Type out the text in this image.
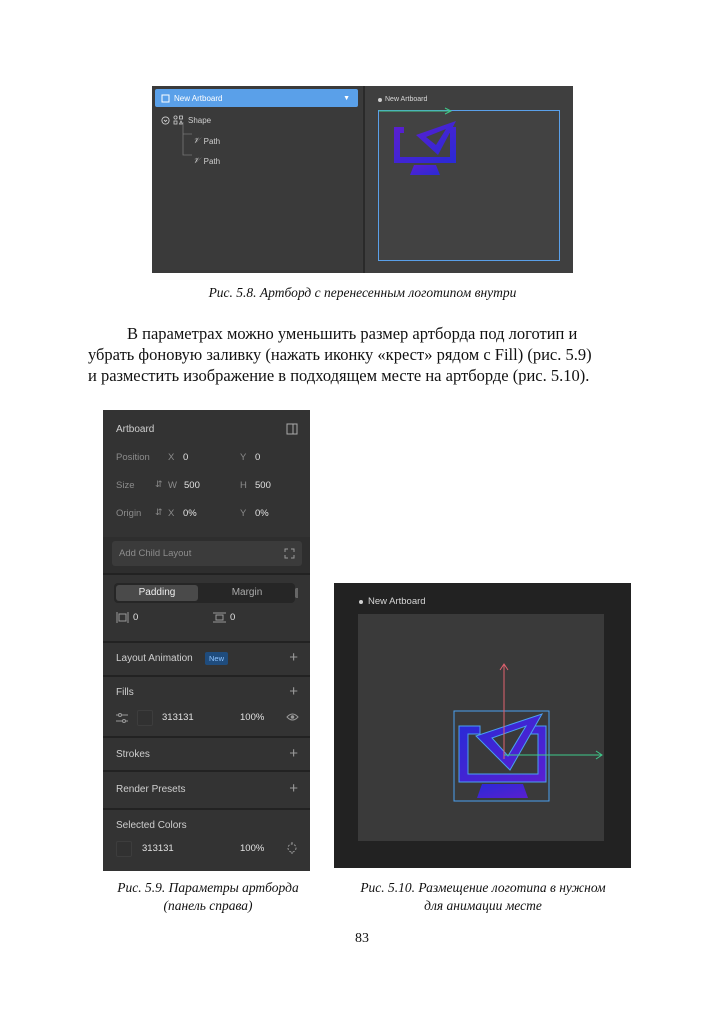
New Artboard	▼
Shape
𝒱 Path
𝒱 Path
New Artboard
Рис. 5.8. Артборд с перенесенным логотипом внутри
В параметрах можно уменьшить размер артборда под логотип и
убрать фоновую заливку (нажать иконку «крест» рядом с Fill) (рис. 5.9)
и разместить изображение в подходящем месте на артборде (рис. 5.10).
Artboard
Position X 0	Y 0
Size ⇵ W 500	H 500
Origin ⇵ X 0%	Y 0%
Add Child Layout
0	0
Padding	Margin
Layout Animation	+
New
Fills	+
313131	100%
Strokes	+
Render Presets	+
Selected Colors
313131	100%
Рис. 5.9. Параметры артборда
(панель справа)
New Artboard
Рис. 5.10. Размещение логотипа в нужном
для анимации месте
83
